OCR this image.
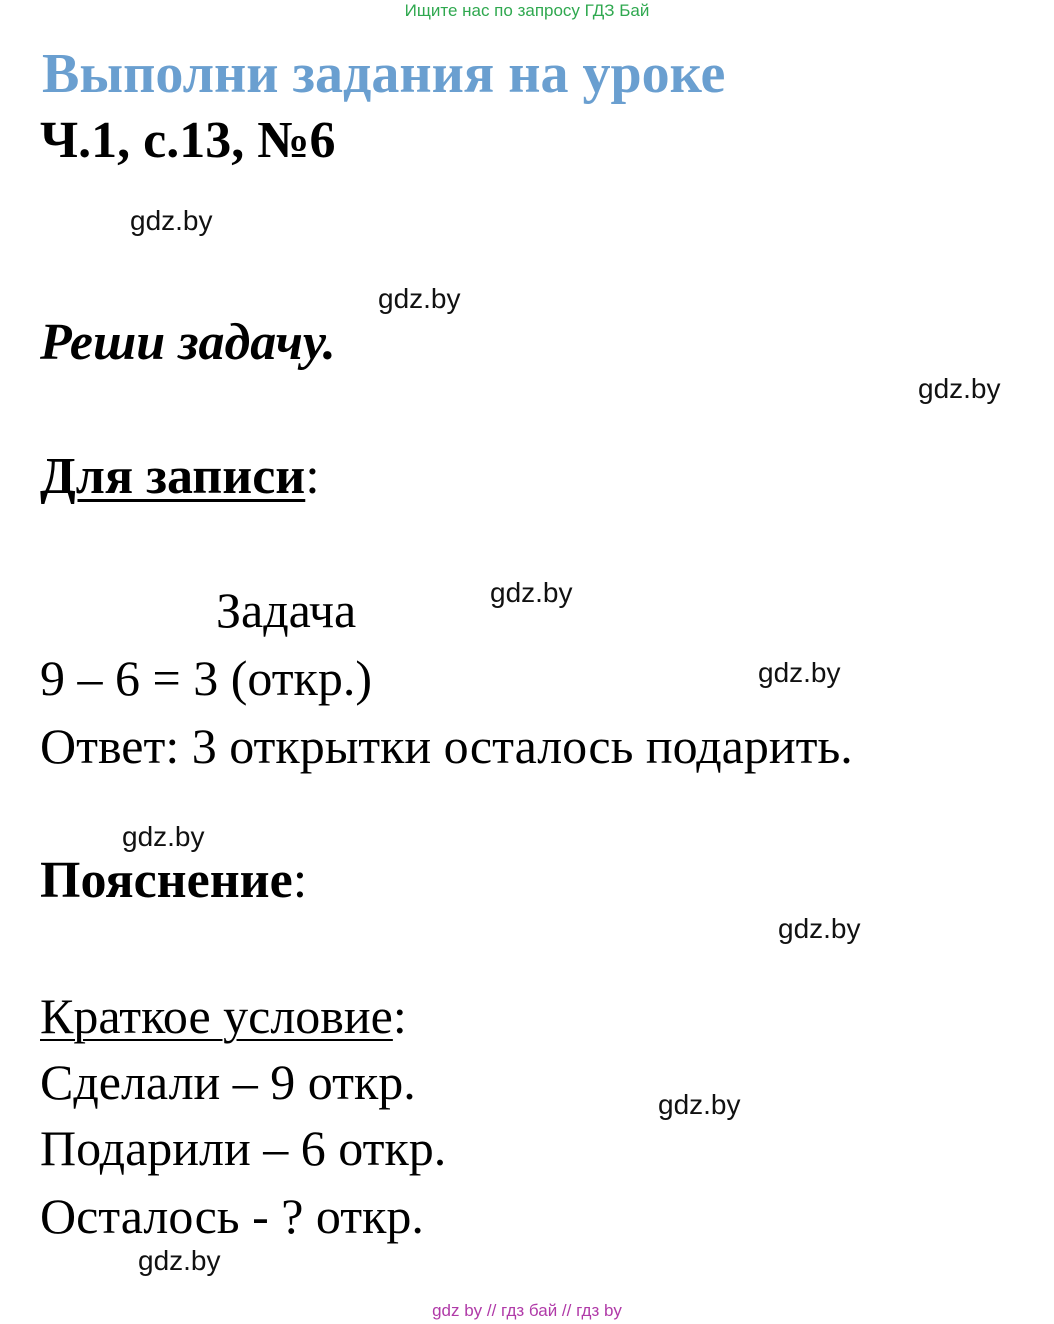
Ищите нас по запросу ГДЗ Бай
Выполни задания на уроке
Ч.1, с.13, №6
Реши задачу.
Для записи:
Задача
9 – 6 = 3 (откр.)
Ответ: 3 открытки осталось подарить.
Пояснение:
Краткое условие:
Сделали – 9 откр.
Подарили – 6 откр.
Осталось - ? откр.
gdz.by
gdz.by
gdz.by
gdz.by
gdz.by
gdz.by
gdz.by
gdz.by
gdz.by
gdz by // гдз бай // гдз by
